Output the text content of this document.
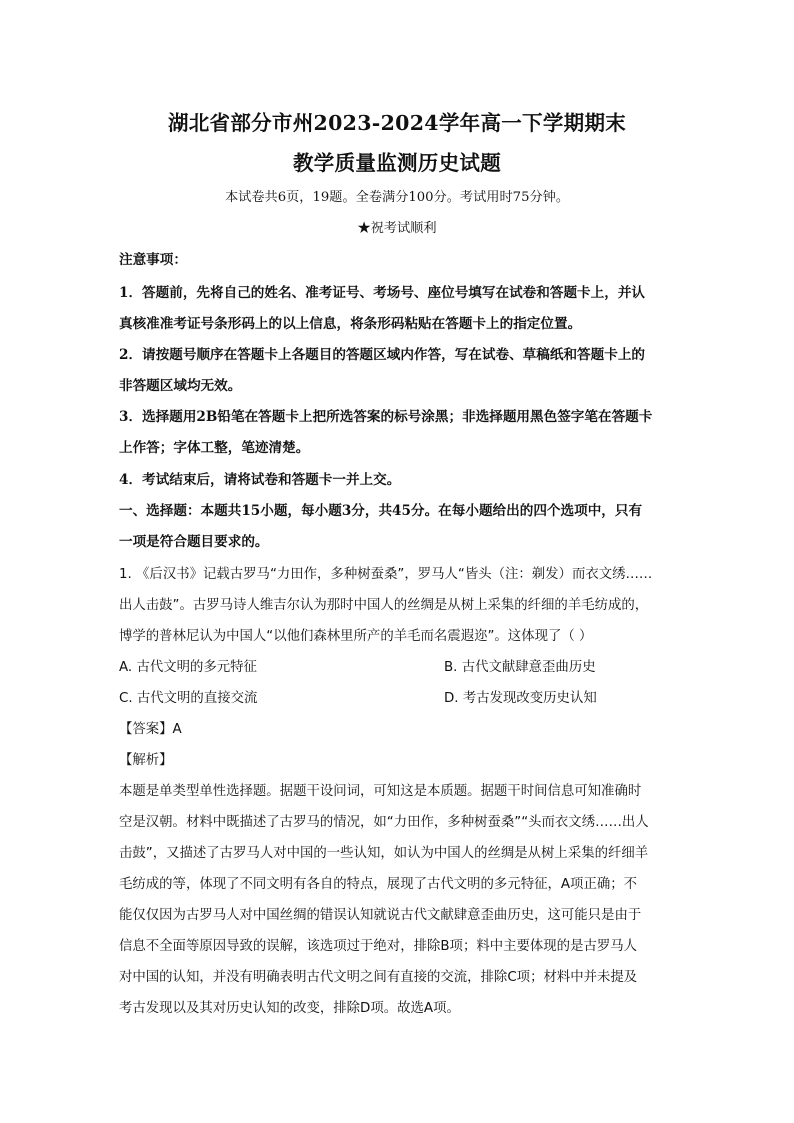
湖北省部分市州2023-2024学年高一下学期期末
教学质量监测历史试题
本试卷共6页，19题。全卷满分100分。考试用时75分钟。
★祝考试顺利
注意事项：
1．答题前，先将自己的姓名、准考证号、考场号、座位号填写在试卷和答题卡上，并认
真核准准考证号条形码上的以上信息，将条形码粘贴在答题卡上的指定位置。
2．请按题号顺序在答题卡上各题目的答题区域内作答，写在试卷、草稿纸和答题卡上的
非答题区域均无效。
3．选择题用2B铅笔在答题卡上把所选答案的标号涂黑；非选择题用黑色签字笔在答题卡
上作答；字体工整，笔迹清楚。
4．考试结束后，请将试卷和答题卡一并上交。
一、选择题：本题共15小题，每小题3分，共45分。在每小题给出的四个选项中，只有
一项是符合题目要求的。
1. 《后汉书》记载古罗马“力田作，多种树蚕桑”，罗马人“皆头（注：剃发）而衣文绣……
出人击鼓”。古罗马诗人维吉尔认为那时中国人的丝绸是从树上采集的纤细的羊毛纺成的，
博学的普林尼认为中国人“以他们森林里所产的羊毛而名震遐迩”。这体现了（ ）
A. 古代文明的多元特征	B. 古代文献肆意歪曲历史
C. 古代文明的直接交流	D. 考古发现改变历史认知
【答案】A
【解析】
本题是单类型单性选择题。据题干设问词，可知这是本质题。据题干时间信息可知准确时
空是汉朝。材料中既描述了古罗马的情况，如“力田作，多种树蚕桑”“头而衣文绣……出人
击鼓”，又描述了古罗马人对中国的一些认知，如认为中国人的丝绸是从树上采集的纤细羊
毛纺成的等，体现了不同文明有各自的特点，展现了古代文明的多元特征，A项正确；不
能仅仅因为古罗马人对中国丝绸的错误认知就说古代文献肆意歪曲历史，这可能只是由于
信息不全面等原因导致的误解，该选项过于绝对，排除B项；料中主要体现的是古罗马人
对中国的认知，并没有明确表明古代文明之间有直接的交流，排除C项；材料中并未提及
考古发现以及其对历史认知的改变，排除D项。故选A项。
